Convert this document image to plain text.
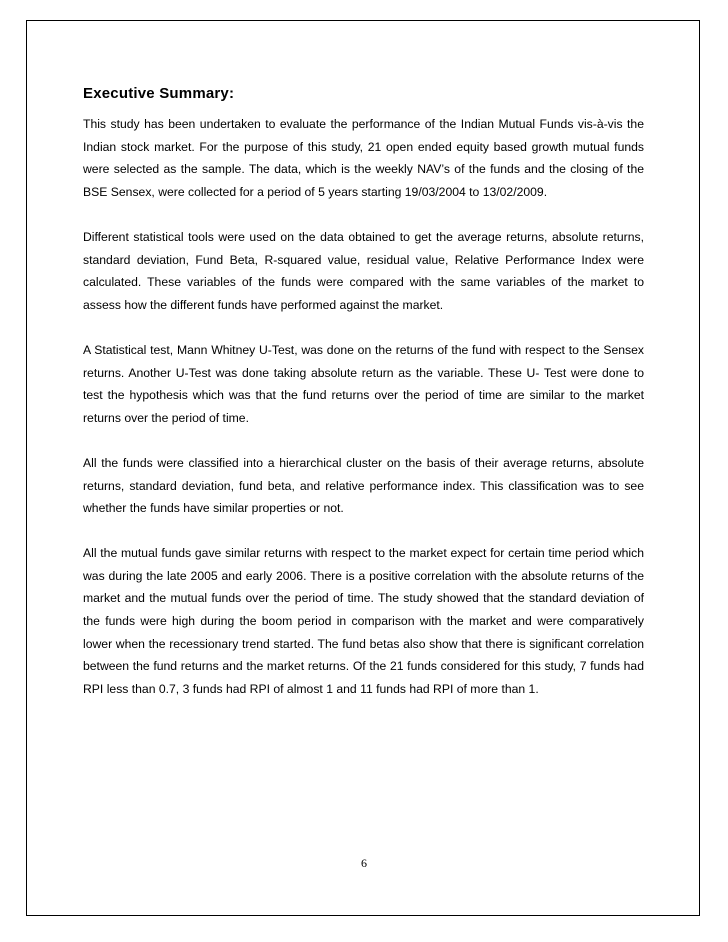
Executive Summary:

This study has been undertaken to evaluate the performance of the Indian Mutual Funds vis-à-vis the Indian stock market. For the purpose of this study, 21 open ended equity based growth mutual funds were selected as the sample. The data, which is the weekly NAV’s of the funds and the closing of the BSE Sensex, were collected for a period of 5 years starting 19/03/2004 to 13/02/2009.

Different statistical tools were used on the data obtained to get the average returns, absolute returns, standard deviation, Fund Beta, R-squared value, residual value, Relative Performance Index were calculated. These variables of the funds were compared with the same variables of the market to assess how the different funds have performed against the market.

A Statistical test, Mann Whitney U-Test, was done on the returns of the fund with respect to the Sensex returns. Another U-Test was done taking absolute return as the variable. These U- Test were done to test the hypothesis which was that the fund returns over the period of time are similar to the market returns over the period of time.

All the funds were classified into a hierarchical cluster on the basis of their average returns, absolute returns, standard deviation, fund beta, and relative performance index. This classification was to see whether the funds have similar properties or not.

All the mutual funds gave similar returns with respect to the market expect for certain time period which was during the late 2005 and early 2006. There is a positive correlation with the absolute returns of the market and the mutual funds over the period of time. The study showed that the standard deviation of the funds were high during the boom period in comparison with the market and were comparatively lower when the recessionary trend started. The fund betas also show that there is significant correlation between the fund returns and the market returns. Of the 21 funds considered for this study, 7 funds had RPI less than 0.7, 3 funds had RPI of almost 1 and 11 funds had RPI of more than 1.

6
